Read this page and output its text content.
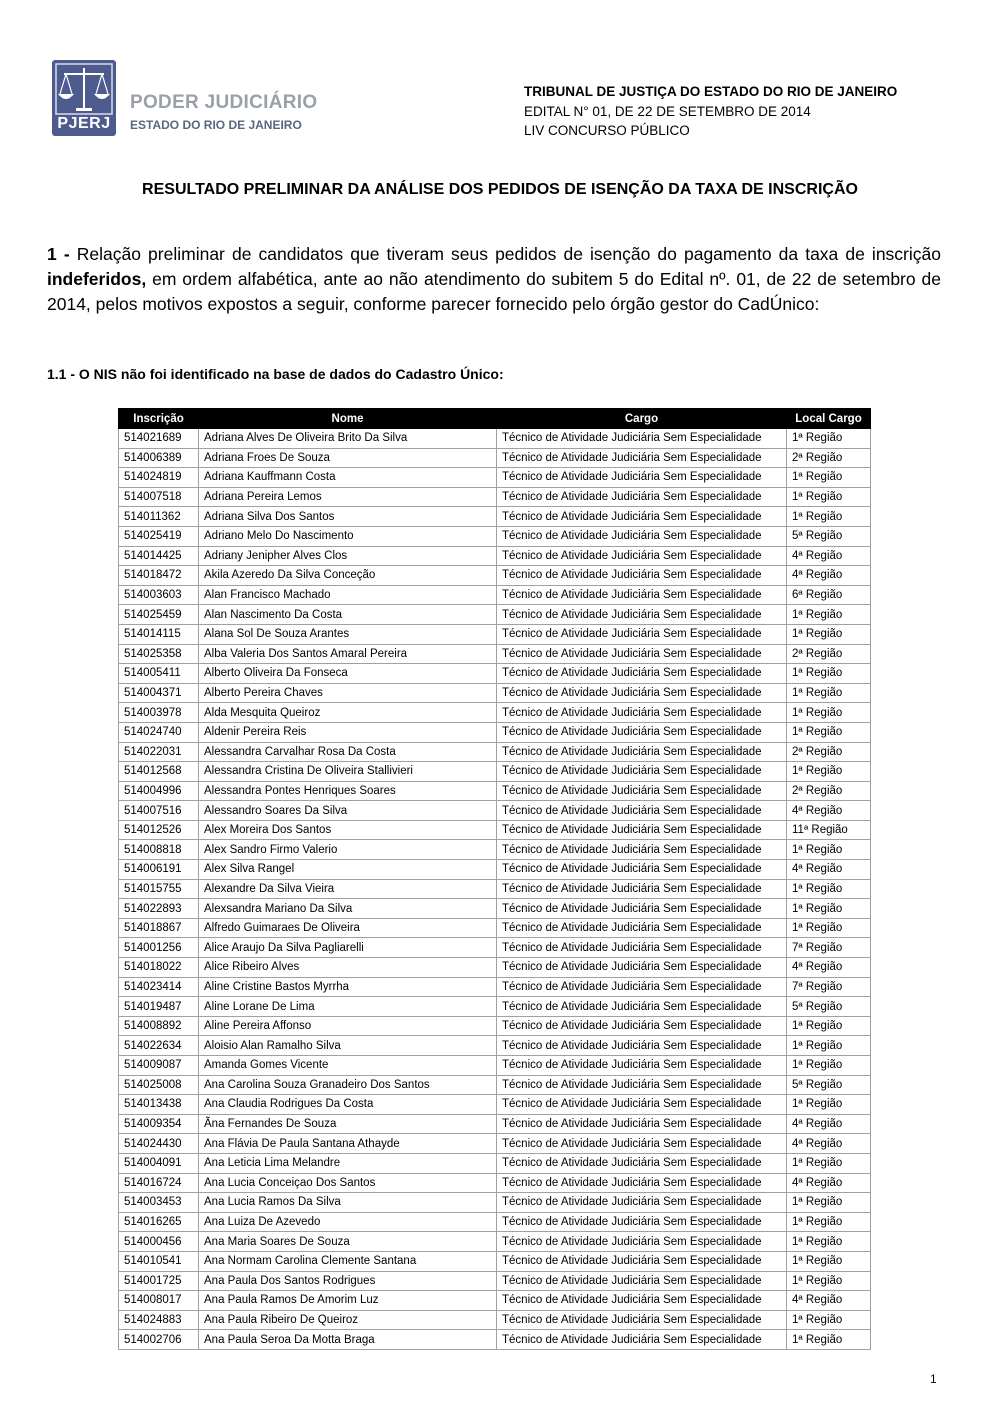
PJERJ
PODER JUDICIÁRIO
ESTADO DO RIO DE JANEIRO
TRIBUNAL DE JUSTIÇA DO ESTADO DO RIO DE JANEIRO
EDITAL N° 01, DE 22 DE SETEMBRO DE 2014
LIV CONCURSO PÚBLICO
RESULTADO PRELIMINAR DA ANÁLISE DOS PEDIDOS DE ISENÇÃO DA TAXA DE INSCRIÇÃO
1 - Relação preliminar de candidatos que tiveram seus pedidos de isenção do pagamento da taxa de inscrição indeferidos, em ordem alfabética, ante ao não atendimento do subitem 5 do Edital nº. 01, de 22 de setembro de 2014, pelos motivos expostos a seguir, conforme parecer fornecido pelo órgão gestor do CadÚnico:
1.1 - O NIS não foi identificado na base de dados do Cadastro Único:
Inscrição	Nome	Cargo	Local Cargo
514021689	Adriana Alves De Oliveira Brito Da Silva	Técnico de Atividade Judiciária Sem Especialidade	1ª Região
514006389	Adriana Froes De Souza	Técnico de Atividade Judiciária Sem Especialidade	2ª Região
514024819	Adriana Kauffmann Costa	Técnico de Atividade Judiciária Sem Especialidade	1ª Região
514007518	Adriana Pereira Lemos	Técnico de Atividade Judiciária Sem Especialidade	1ª Região
514011362	Adriana Silva Dos Santos	Técnico de Atividade Judiciária Sem Especialidade	1ª Região
514025419	Adriano Melo Do Nascimento	Técnico de Atividade Judiciária Sem Especialidade	5ª Região
514014425	Adriany Jenipher Alves Clos	Técnico de Atividade Judiciária Sem Especialidade	4ª Região
514018472	Akila Azeredo Da Silva Conceção	Técnico de Atividade Judiciária Sem Especialidade	4ª Região
514003603	Alan Francisco Machado	Técnico de Atividade Judiciária Sem Especialidade	6ª Região
514025459	Alan Nascimento Da Costa	Técnico de Atividade Judiciária Sem Especialidade	1ª Região
514014115	Alana Sol De Souza Arantes	Técnico de Atividade Judiciária Sem Especialidade	1ª Região
514025358	Alba Valeria Dos Santos Amaral Pereira	Técnico de Atividade Judiciária Sem Especialidade	2ª Região
514005411	Alberto Oliveira Da Fonseca	Técnico de Atividade Judiciária Sem Especialidade	1ª Região
514004371	Alberto Pereira Chaves	Técnico de Atividade Judiciária Sem Especialidade	1ª Região
514003978	Alda Mesquita Queiroz	Técnico de Atividade Judiciária Sem Especialidade	1ª Região
514024740	Aldenir Pereira Reis	Técnico de Atividade Judiciária Sem Especialidade	1ª Região
514022031	Alessandra Carvalhar Rosa Da Costa	Técnico de Atividade Judiciária Sem Especialidade	2ª Região
514012568	Alessandra Cristina De Oliveira Stallivieri	Técnico de Atividade Judiciária Sem Especialidade	1ª Região
514004996	Alessandra Pontes Henriques Soares	Técnico de Atividade Judiciária Sem Especialidade	2ª Região
514007516	Alessandro Soares Da Silva	Técnico de Atividade Judiciária Sem Especialidade	4ª Região
514012526	Alex Moreira Dos Santos	Técnico de Atividade Judiciária Sem Especialidade	11ª Região
514008818	Alex Sandro Firmo Valerio	Técnico de Atividade Judiciária Sem Especialidade	1ª Região
514006191	Alex Silva Rangel	Técnico de Atividade Judiciária Sem Especialidade	4ª Região
514015755	Alexandre Da Silva Vieira	Técnico de Atividade Judiciária Sem Especialidade	1ª Região
514022893	Alexsandra Mariano Da Silva	Técnico de Atividade Judiciária Sem Especialidade	1ª Região
514018867	Alfredo Guimaraes De Oliveira	Técnico de Atividade Judiciária Sem Especialidade	1ª Região
514001256	Alice Araujo Da Silva Pagliarelli	Técnico de Atividade Judiciária Sem Especialidade	7ª Região
514018022	Alice Ribeiro Alves	Técnico de Atividade Judiciária Sem Especialidade	4ª Região
514023414	Aline Cristine Bastos Myrrha	Técnico de Atividade Judiciária Sem Especialidade	7ª Região
514019487	Aline Lorane De Lima	Técnico de Atividade Judiciária Sem Especialidade	5ª Região
514008892	Aline Pereira Affonso	Técnico de Atividade Judiciária Sem Especialidade	1ª Região
514022634	Aloisio Alan Ramalho Silva	Técnico de Atividade Judiciária Sem Especialidade	1ª Região
514009087	Amanda Gomes Vicente	Técnico de Atividade Judiciária Sem Especialidade	1ª Região
514025008	Ana Carolina Souza Granadeiro Dos Santos	Técnico de Atividade Judiciária Sem Especialidade	5ª Região
514013438	Ana Claudia Rodrigues Da Costa	Técnico de Atividade Judiciária Sem Especialidade	1ª Região
514009354	Ãna Fernandes De Souza	Técnico de Atividade Judiciária Sem Especialidade	4ª Região
514024430	Ana Flávia De Paula Santana Athayde	Técnico de Atividade Judiciária Sem Especialidade	4ª Região
514004091	Ana Leticia Lima Melandre	Técnico de Atividade Judiciária Sem Especialidade	1ª Região
514016724	Ana Lucia Conceiçao Dos Santos	Técnico de Atividade Judiciária Sem Especialidade	4ª Região
514003453	Ana Lucia Ramos Da Silva	Técnico de Atividade Judiciária Sem Especialidade	1ª Região
514016265	Ana Luiza De Azevedo	Técnico de Atividade Judiciária Sem Especialidade	1ª Região
514000456	Ana Maria Soares De Souza	Técnico de Atividade Judiciária Sem Especialidade	1ª Região
514010541	Ana Normam Carolina Clemente Santana	Técnico de Atividade Judiciária Sem Especialidade	1ª Região
514001725	Ana Paula Dos Santos Rodrigues	Técnico de Atividade Judiciária Sem Especialidade	1ª Região
514008017	Ana Paula Ramos De Amorim Luz	Técnico de Atividade Judiciária Sem Especialidade	4ª Região
514024883	Ana Paula Ribeiro De Queiroz	Técnico de Atividade Judiciária Sem Especialidade	1ª Região
514002706	Ana Paula Seroa Da Motta Braga	Técnico de Atividade Judiciária Sem Especialidade	1ª Região
1
